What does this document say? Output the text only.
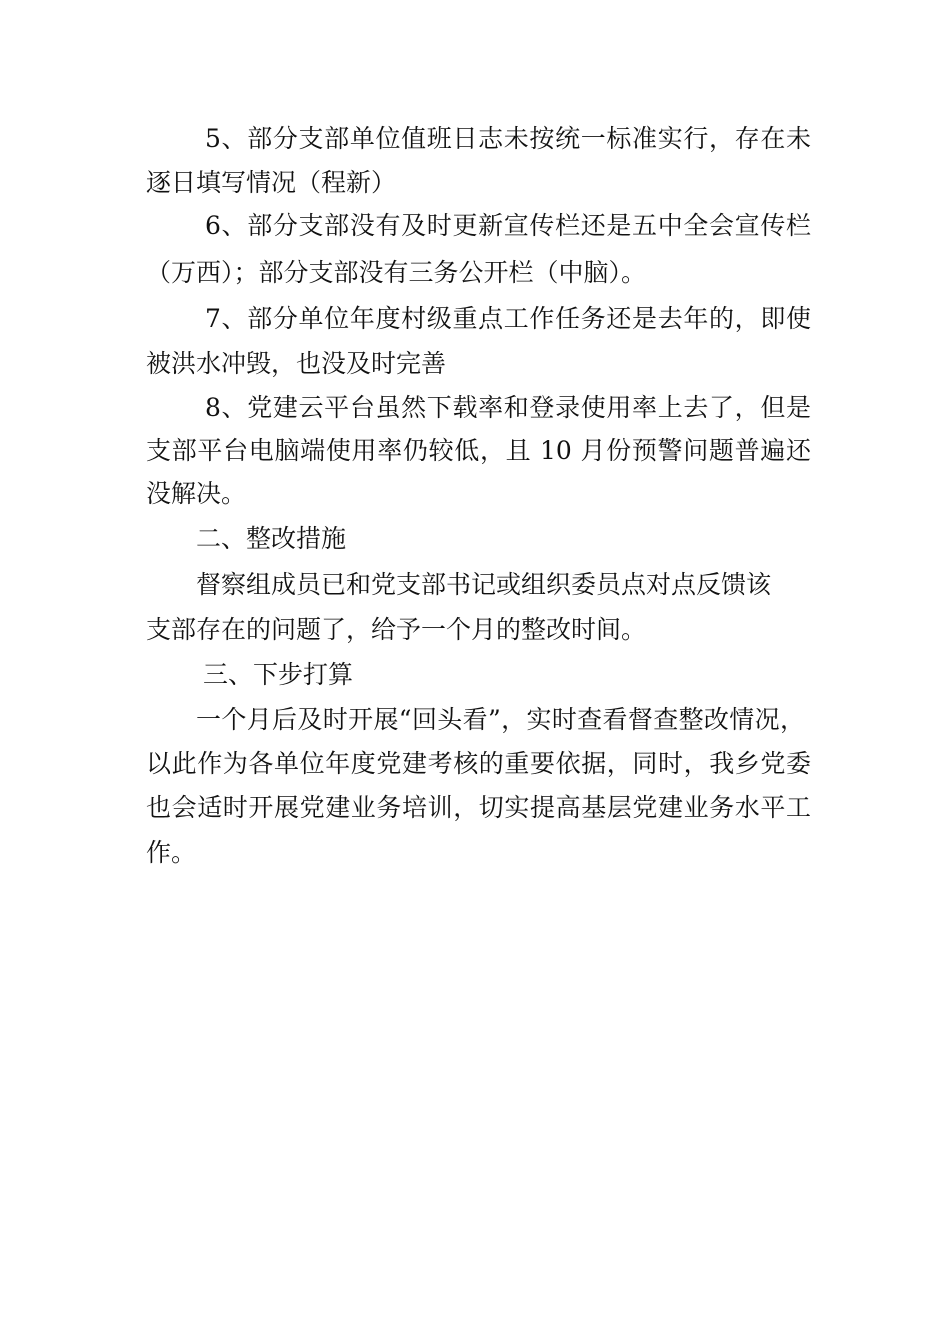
5、部分支部单位值班日志未按统一标准实行，存在未
逐日填写情况（程新）
6、部分支部没有及时更新宣传栏还是五中全会宣传栏
（万西）；部分支部没有三务公开栏（中脑）。
7、部分单位年度村级重点工作任务还是去年的，即使
被洪水冲毁，也没及时完善
8、党建云平台虽然下载率和登录使用率上去了，但是
支部平台电脑端使用率仍较低，且 10 月份预警问题普遍还
没解决。
二、整改措施
督察组成员已和党支部书记或组织委员点对点反馈该
支部存在的问题了，给予一个月的整改时间。
三、下步打算
一个月后及时开展“回头看”，实时查看督查整改情况，
以此作为各单位年度党建考核的重要依据，同时，我乡党委
也会适时开展党建业务培训，切实提高基层党建业务水平工
作。
